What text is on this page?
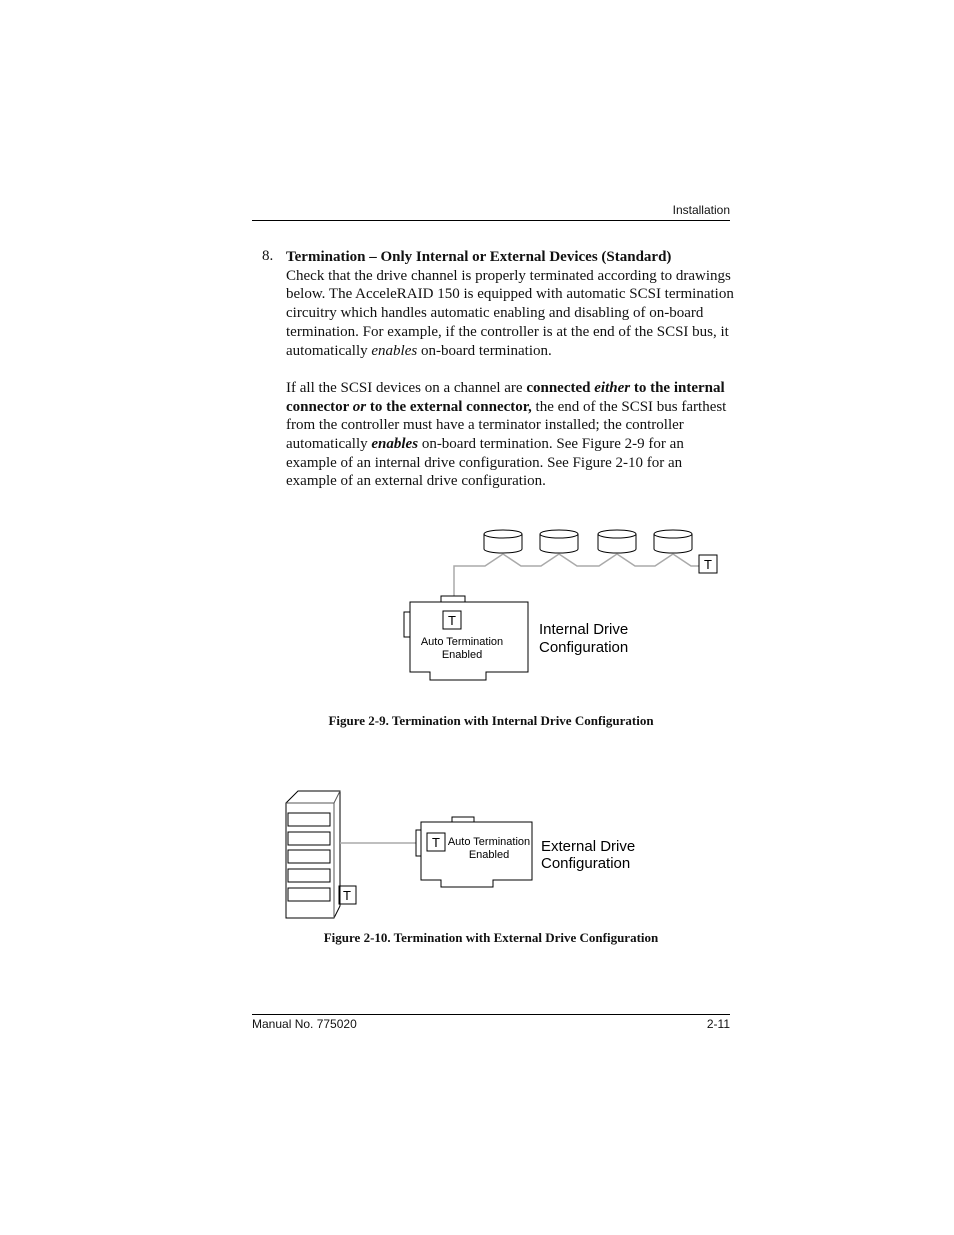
Installation
8. Termination – Only Internal or External Devices (Standard)
Check that the drive channel is properly terminated according to drawings below. The AcceleRAID 150 is equipped with automatic SCSI termination circuitry which handles automatic enabling and disabling of on-board termination. For example, if the controller is at the end of the SCSI bus, it automatically enables on-board termination.

If all the SCSI devices on a channel are connected either to the internal connector or to the external connector, the end of the SCSI bus farthest from the controller must have a terminator installed; the controller automatically enables on-board termination. See Figure 2-9 for an example of an internal drive configuration. See Figure 2-10 for an example of an external drive configuration.

T
T
Auto Termination
Enabled
Internal Drive
Configuration
T
T Auto Termination
Enabled External Drive
Configuration
Figure 2-9. Termination with Internal Drive Configuration
Figure 2-10. Termination with External Drive Configuration
Manual No. 775020	2-11
